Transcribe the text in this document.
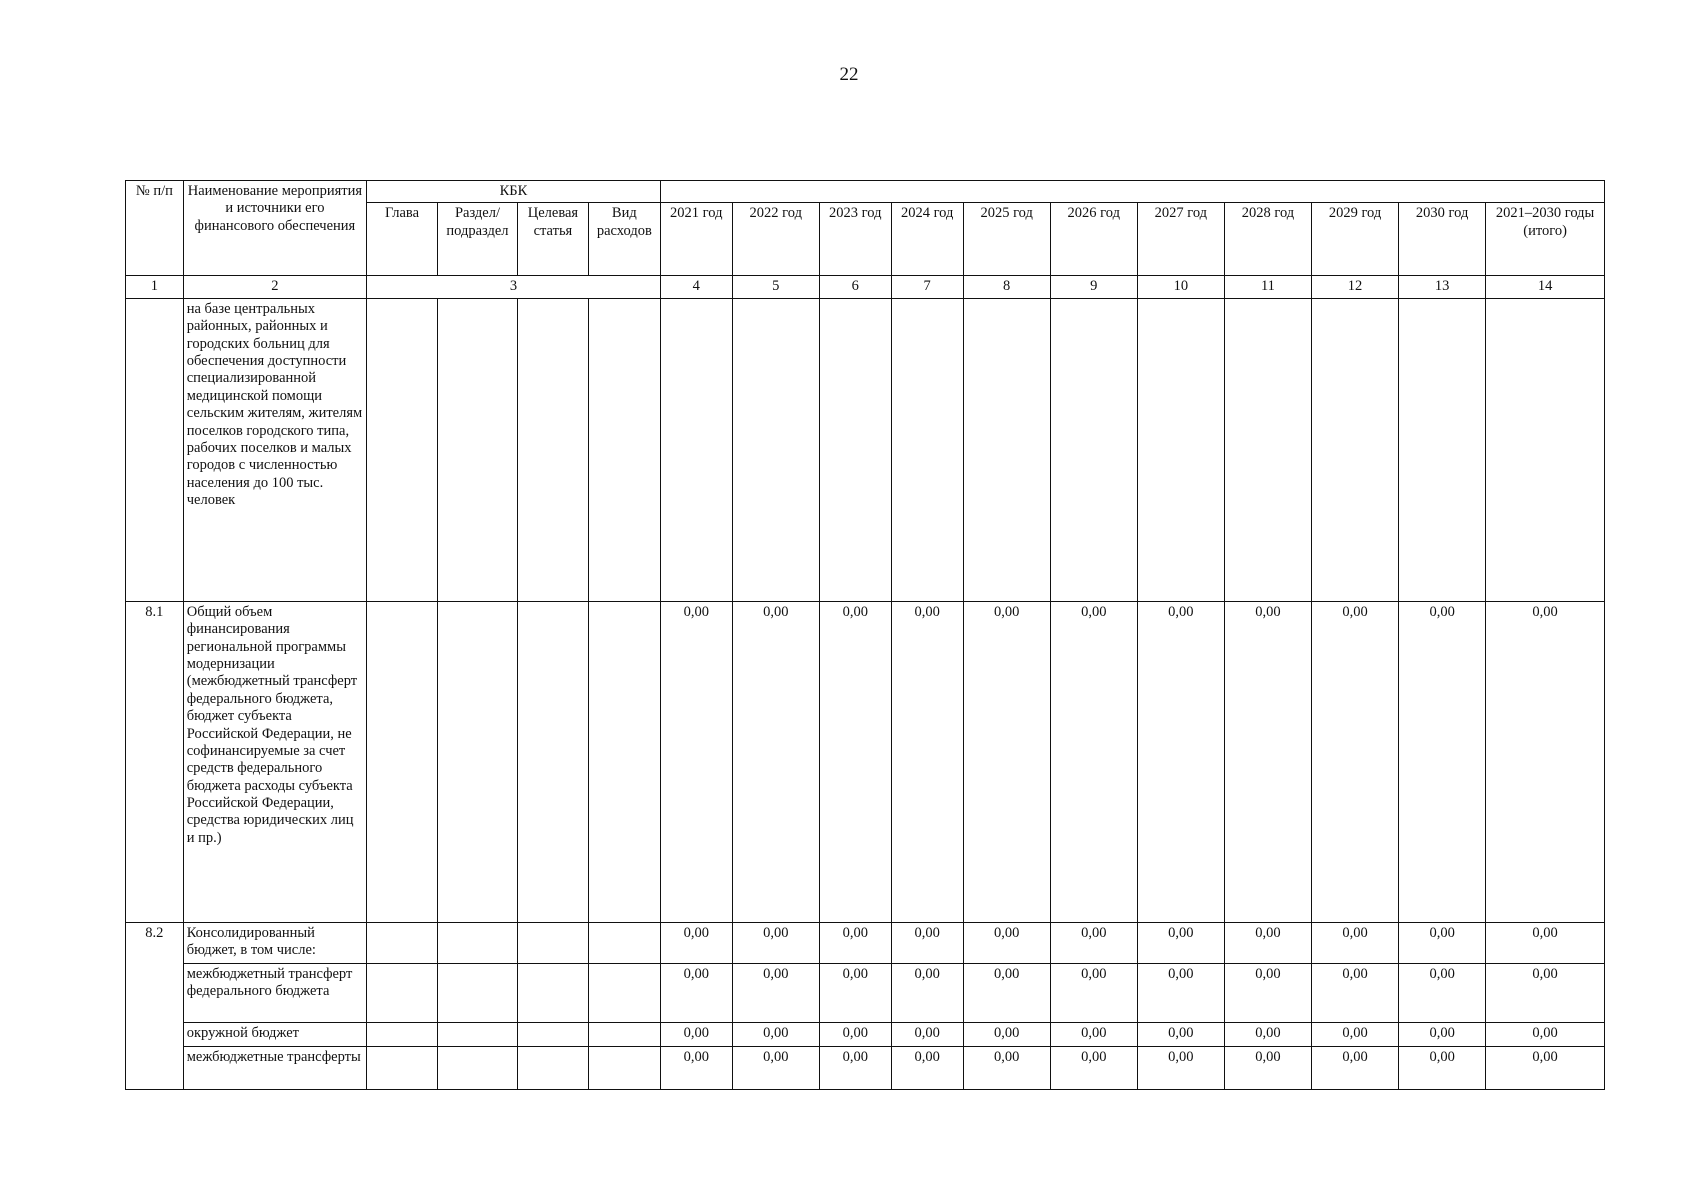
22
№ п/п	Наименование мероприятия и источники его финансового обеспечения	КБК														
		Глава	Раздел/ подраздел	Целевая статья	Вид расходов	2021 год	2022 год	2023 год	2024 год	2025 год	2026 год	2027 год	2028 год	2029 год	2030 год	2021–2030 годы (итого)
1	2	3				4	5	6	7	8	9	10	11	12	13	14
	на базе центральных районных, районных и городских больниц для обеспечения доступности специализированной медицинской помощи сельским жителям, жителям поселков городского типа, рабочих поселков и малых городов с численностью населения до 100 тыс. человек															
8.1	Общий объем финансирования региональной программы модернизации (межбюджетный трансферт федерального бюджета, бюджет субъекта Российской Федерации, не софинансируемые за счет средств федерального бюджета расходы субъекта Российской Федерации, средства юридических лиц и пр.)					0,00	0,00	0,00	0,00	0,00	0,00	0,00	0,00	0,00	0,00	0,00
8.2	Консолидированный бюджет, в том числе:					0,00	0,00	0,00	0,00	0,00	0,00	0,00	0,00	0,00	0,00	0,00
	межбюджетный трансферт федерального бюджета					0,00	0,00	0,00	0,00	0,00	0,00	0,00	0,00	0,00	0,00	0,00
	окружной бюджет					0,00	0,00	0,00	0,00	0,00	0,00	0,00	0,00	0,00	0,00	0,00
	межбюджетные трансферты					0,00	0,00	0,00	0,00	0,00	0,00	0,00	0,00	0,00	0,00	0,00
